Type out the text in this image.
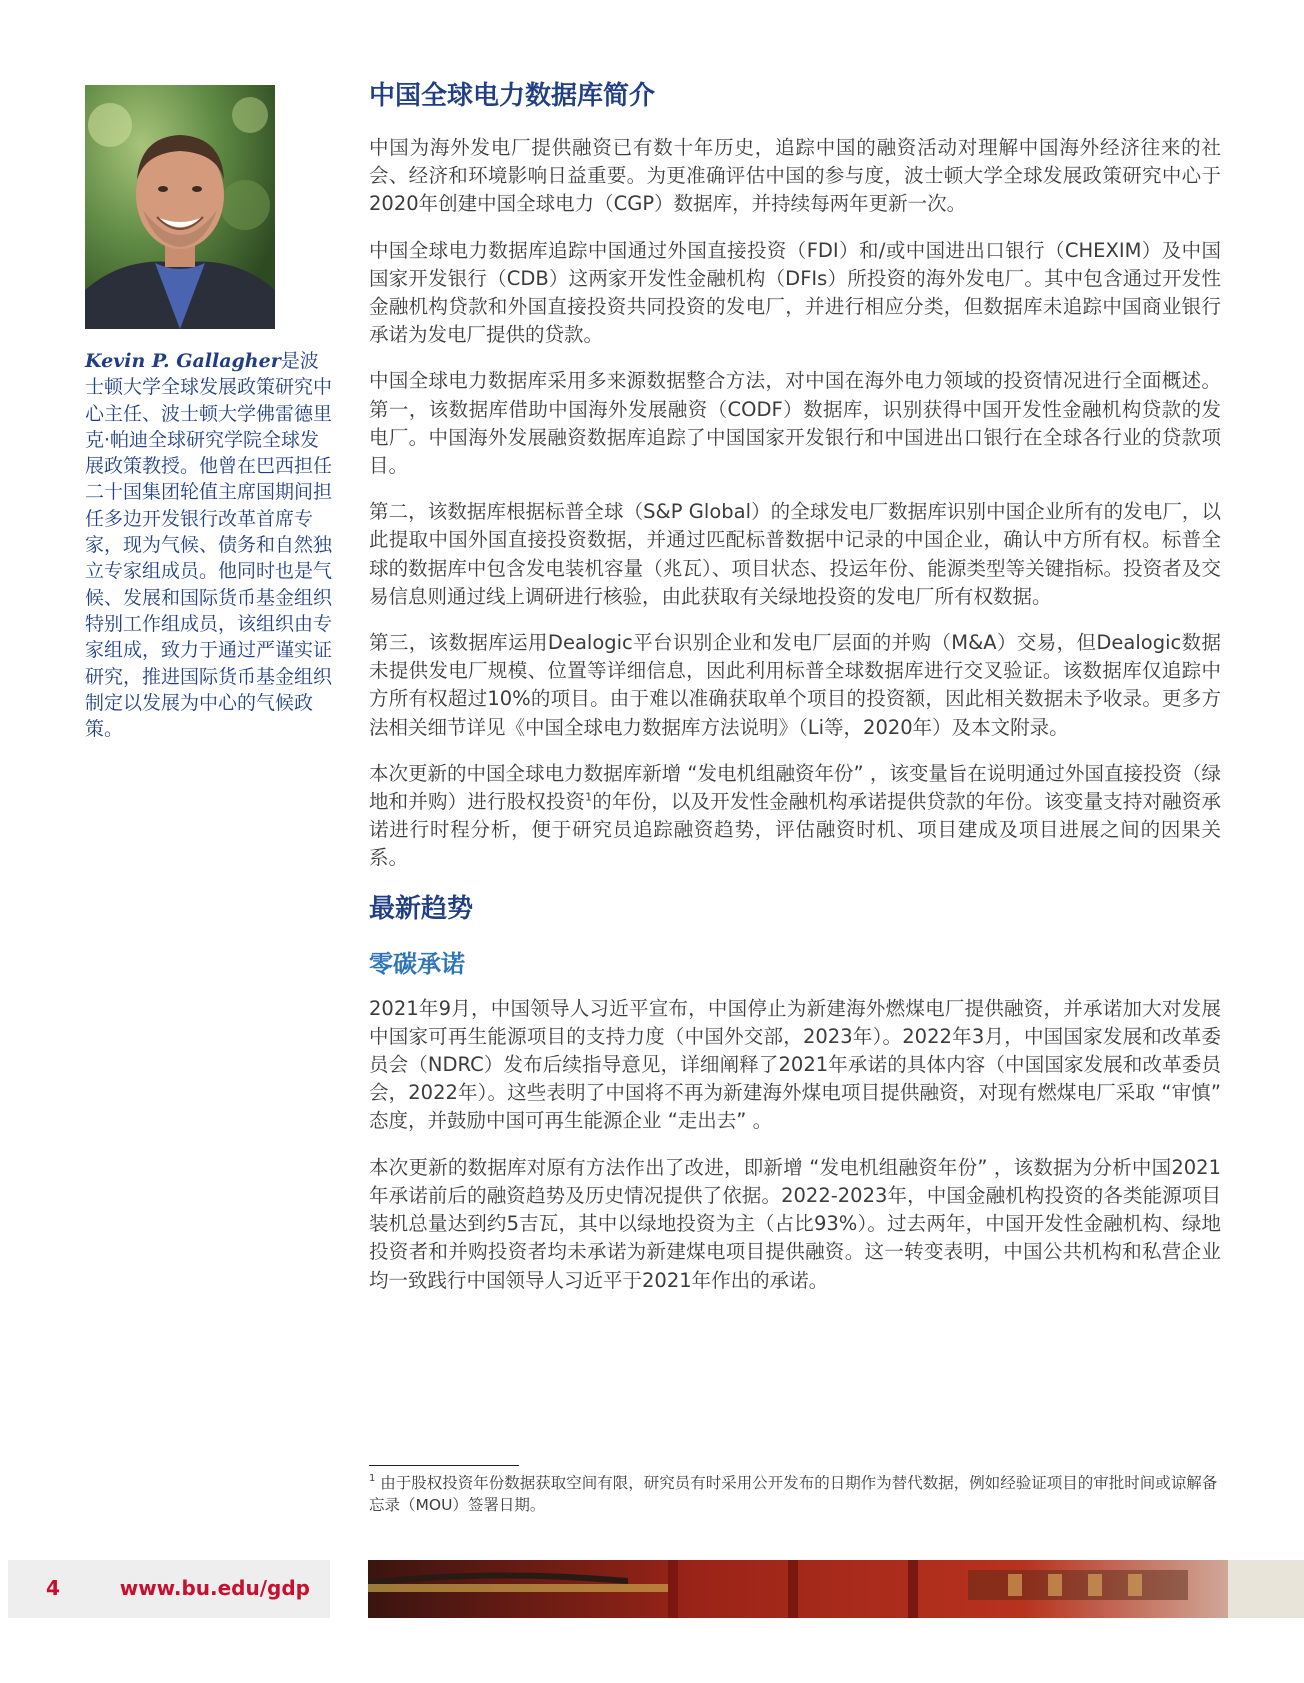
Kevin P. Gallagher是波士顿大学全球发展政策研究中心主任、波士顿大学佛雷德里克·帕迪全球研究学院全球发展政策教授。他曾在巴西担任二十国集团轮值主席国期间担任多边开发银行改革首席专家，现为气候、债务和自然独立专家组成员。他同时也是气候、发展和国际货币基金组织特别工作组成员，该组织由专家组成，致力于通过严谨实证研究，推进国际货币基金组织制定以发展为中心的气候政策。
中国全球电力数据库简介

中国为海外发电厂提供融资已有数十年历史，追踪中国的融资活动对理解中国海外经济往来的社会、经济和环境影响日益重要。为更准确评估中国的参与度，波士顿大学全球发展政策研究中心于2020年创建中国全球电力（CGP）数据库，并持续每两年更新一次。

中国全球电力数据库追踪中国通过外国直接投资（FDI）和/或中国进出口银行（CHEXIM）及中国国家开发银行（CDB）这两家开发性金融机构（DFIs）所投资的海外发电厂。其中包含通过开发性金融机构贷款和外国直接投资共同投资的发电厂，并进行相应分类，但数据库未追踪中国商业银行承诺为发电厂提供的贷款。

中国全球电力数据库采用多来源数据整合方法，对中国在海外电力领域的投资情况进行全面概述。第一，该数据库借助中国海外发展融资（CODF）数据库，识别获得中国开发性金融机构贷款的发电厂。中国海外发展融资数据库追踪了中国国家开发银行和中国进出口银行在全球各行业的贷款项目。

第二，该数据库根据标普全球（S&P Global）的全球发电厂数据库识别中国企业所有的发电厂，以此提取中国外国直接投资数据，并通过匹配标普数据中记录的中国企业，确认中方所有权。标普全球的数据库中包含发电装机容量（兆瓦）、项目状态、投运年份、能源类型等关键指标。投资者及交易信息则通过线上调研进行核验，由此获取有关绿地投资的发电厂所有权数据。

第三，该数据库运用Dealogic平台识别企业和发电厂层面的并购（M&A）交易，但Dealogic数据未提供发电厂规模、位置等详细信息，因此利用标普全球数据库进行交叉验证。该数据库仅追踪中方所有权超过10%的项目。由于难以准确获取单个项目的投资额，因此相关数据未予收录。更多方法相关细节详见《中国全球电力数据库方法说明》（Li等，2020年）及本文附录。

本次更新的中国全球电力数据库新增 “发电机组融资年份” ，该变量旨在说明通过外国直接投资（绿地和并购）进行股权投资$^1$的年份，以及开发性金融机构承诺提供贷款的年份。该变量支持对融资承诺进行时程分析，便于研究员追踪融资趋势，评估融资时机、项目建成及项目进展之间的因果关系。

最新趋势
零碳承诺

2021年9月，中国领导人习近平宣布，中国停止为新建海外燃煤电厂提供融资，并承诺加大对发展中国家可再生能源项目的支持力度（中国外交部，2023年）。2022年3月，中国国家发展和改革委员会（NDRC）发布后续指导意见，详细阐释了2021年承诺的具体内容（中国国家发展和改革委员会，2022年）。这些表明了中国将不再为新建海外煤电项目提供融资，对现有燃煤电厂采取 “审慎” 态度，并鼓励中国可再生能源企业 “走出去” 。

本次更新的数据库对原有方法作出了改进，即新增 “发电机组融资年份” ，该数据为分析中国2021年承诺前后的融资趋势及历史情况提供了依据。2022-2023年，中国金融机构投资的各类能源项目装机总量达到约5吉瓦，其中以绿地投资为主（占比93%）。过去两年，中国开发性金融机构、绿地投资者和并购投资者均未承诺为新建煤电项目提供融资。这一转变表明，中国公共机构和私营企业均一致践行中国领导人习近平于2021年作出的承诺。

$^1$ 由于股权投资年份数据获取空间有限，研究员有时采用公开发布的日期作为替代数据，例如经验证项目的审批时间或谅解备忘录（MOU）签署日期。
4	www.bu.edu/gdp
